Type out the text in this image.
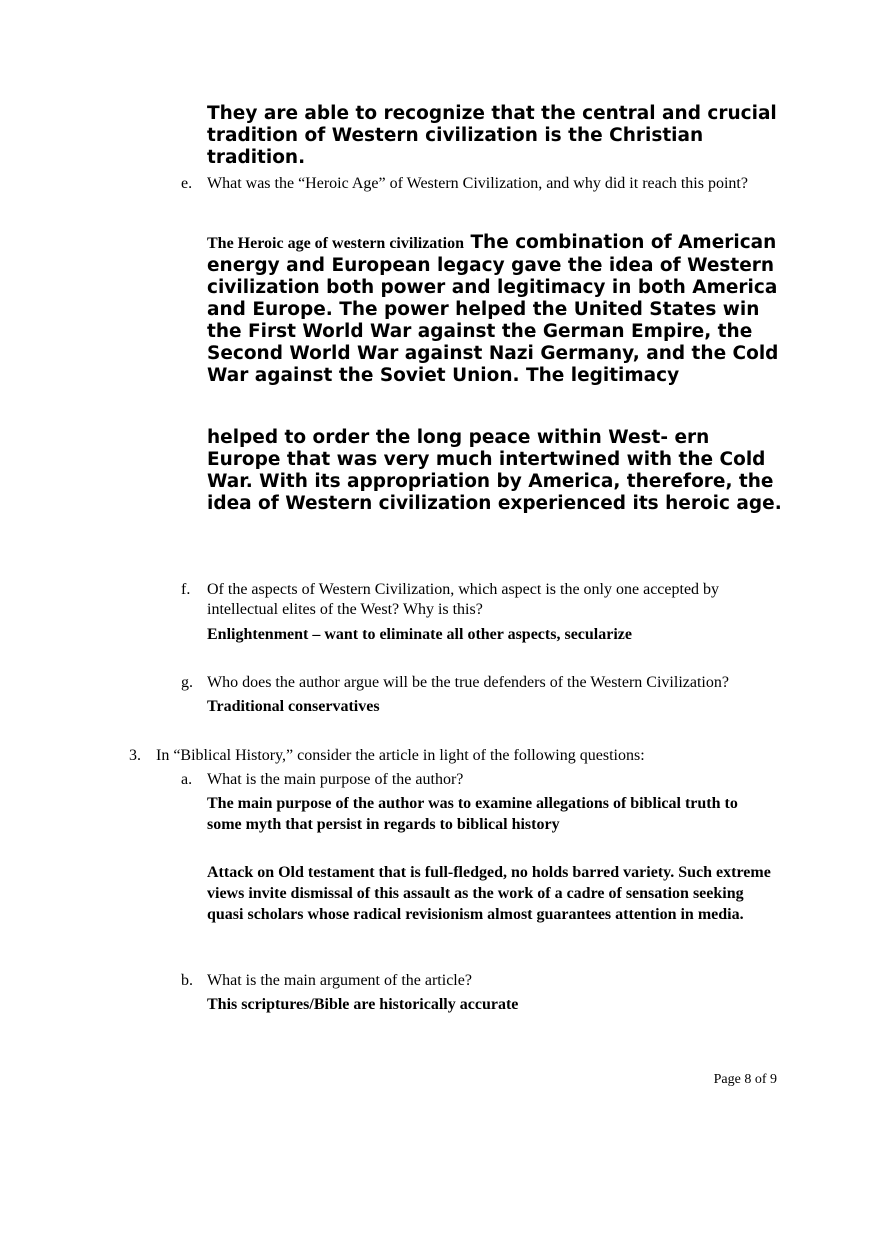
They are able to recognize that the central and crucial tradition of Western civilization is the Christian tradition.
e. What was the “Heroic Age” of Western Civilization, and why did it reach this point?
The Heroic age of western civilization The combination of American energy and European legacy gave the idea of Western civilization both power and legitimacy in both America and Europe. The power helped the United States win the First World War against the German Empire, the Second World War against Nazi Germany, and the Cold War against the Soviet Union. The legitimacy
helped to order the long peace within West- ern Europe that was very much intertwined with the Cold War. With its appropriation by America, therefore, the idea of Western civilization experienced its heroic age.
f. Of the aspects of Western Civilization, which aspect is the only one accepted by intellectual elites of the West? Why is this?
Enlightenment – want to eliminate all other aspects, secularize
g. Who does the author argue will be the true defenders of the Western Civilization?
Traditional conservatives
3. In “Biblical History,” consider the article in light of the following questions:
a. What is the main purpose of the author?
The main purpose of the author was to examine allegations of biblical truth to some myth that persist in regards to biblical history
Attack on Old testament that is full-fledged, no holds barred variety. Such extreme views invite dismissal of this assault as the work of a cadre of sensation seeking quasi scholars whose radical revisionism almost guarantees attention in media.
b. What is the main argument of the article?
This scriptures/Bible are historically accurate
Page 8 of 9
